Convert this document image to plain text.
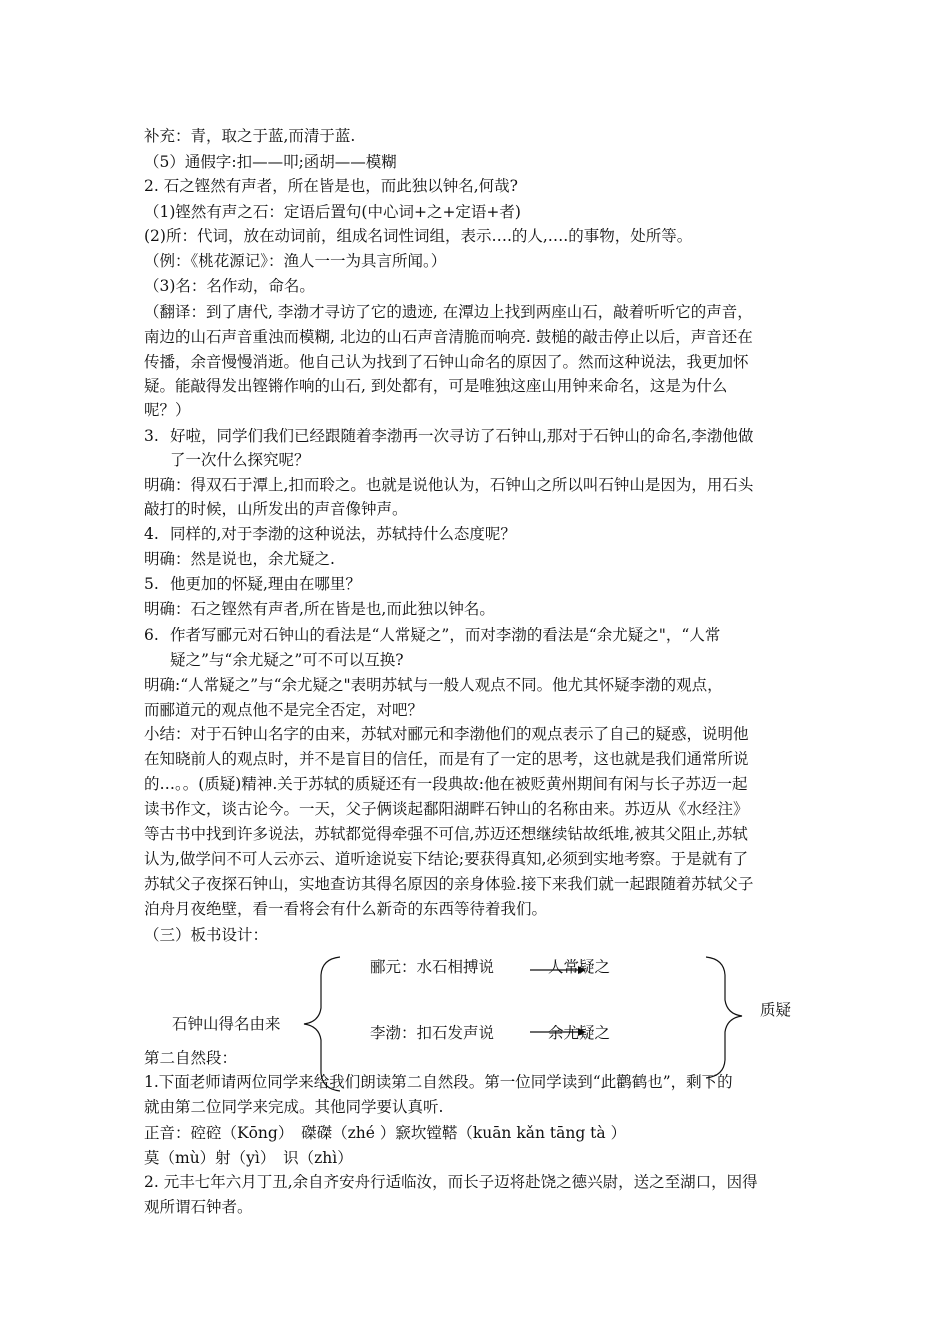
补充：青，取之于蓝,而清于蓝.
（5）通假字:扣——叩;函胡——模糊
2. 石之铿然有声者，所在皆是也，而此独以钟名,何哉?
（1)铿然有声之石：定语后置句(中心词+之+定语+者)
(2)所：代词，放在动词前，组成名词性词组，表示….的人,….的事物，处所等。
（例：《桃花源记》：渔人一一为具言所闻。）
（3)名：名作动，命名。
（翻译：到了唐代, 李渤才寻访了它的遗迹, 在潭边上找到两座山石，敲着听听它的声音，
南边的山石声音重浊而模糊, 北边的山石声音清脆而响亮. 鼓槌的敲击停止以后，声音还在
传播，余音慢慢消逝。他自己认为找到了石钟山命名的原因了。然而这种说法，我更加怀
疑。能敲得发出铿锵作响的山石, 到处都有，可是唯独这座山用钟来命名，这是为什么
呢？）
3. 好啦，同学们我们已经跟随着李渤再一次寻访了石钟山,那对于石钟山的命名,李渤他做
了一次什么探究呢？
明确：得双石于潭上,扣而聆之。也就是说他认为，石钟山之所以叫石钟山是因为，用石头
敲打的时候，山所发出的声音像钟声。
4. 同样的,对于李渤的这种说法，苏轼持什么态度呢？
明确：然是说也，余尤疑之.
5. 他更加的怀疑,理由在哪里？
明确：石之铿然有声者,所在皆是也,而此独以钟名。
6. 作者写郦元对石钟山的看法是“人常疑之”，而对李渤的看法是“余尤疑之"，“人常
疑之”与“余尤疑之”可不可以互换?
明确:“人常疑之”与“余尤疑之"表明苏轼与一般人观点不同。他尤其怀疑李渤的观点，
而郦道元的观点他不是完全否定，对吧？
小结：对于石钟山名字的由来，苏轼对郦元和李渤他们的观点表示了自己的疑惑，说明他
在知晓前人的观点时，并不是盲目的信任，而是有了一定的思考，这也就是我们通常所说
的…。。(质疑)精神.关于苏轼的质疑还有一段典故:他在被贬黄州期间有闲与长子苏迈一起
读书作文，谈古论今。一天，父子俩谈起鄱阳湖畔石钟山的名称由来。苏迈从《水经注》
等古书中找到许多说法，苏轼都觉得牵强不可信,苏迈还想继续钻故纸堆,被其父阻止,苏轼
认为,做学问不可人云亦云、道听途说妄下结论;要获得真知,必须到实地考察。于是就有了
苏轼父子夜探石钟山，实地查访其得名原因的亲身体验.接下来我们就一起跟随着苏轼父子
泊舟月夜绝壁，看一看将会有什么新奇的东西等待着我们。
（三）板书设计：
石钟山得名由来
郦元：水石相搏说	人常疑之
李渤：扣石发声说	余尤疑之
质疑
第二自然段：
1.下面老师请两位同学来给我们朗读第二自然段。第一位同学读到“此鹳鹤也”，剩下的
就由第二位同学来完成。其他同学要认真听.
正音：硿硿（Kōng）　磔磔（zhé ）窾坎镗鞳（kuān kǎn tāng tà ）
莫（mù）射（yì）　识（zhì）
2. 元丰七年六月丁丑,余自齐安舟行适临汝，而长子迈将赴饶之德兴尉，送之至湖口，因得
观所谓石钟者。
